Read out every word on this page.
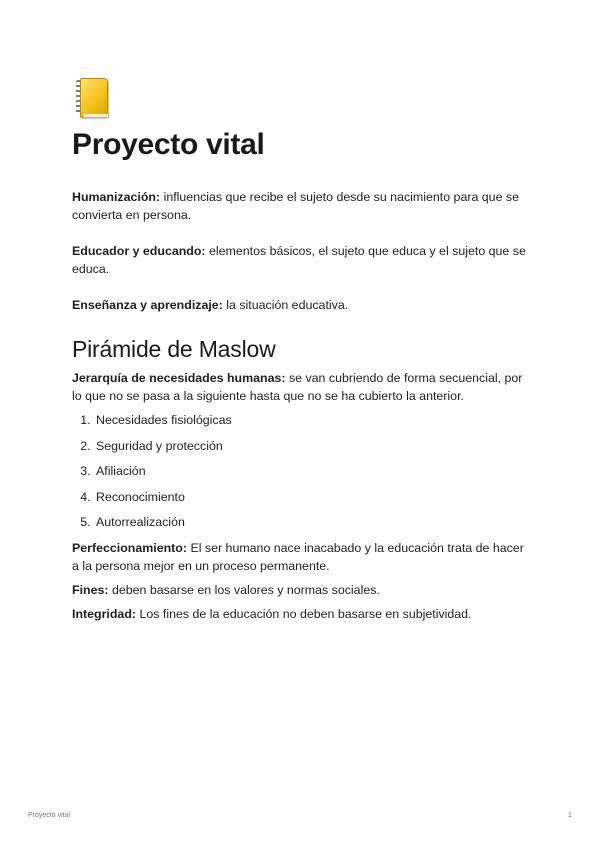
Proyecto vital

Humanización: influencias que recibe el sujeto desde su nacimiento para que se convierta en persona.

Educador y educando: elementos básicos, el sujeto que educa y el sujeto que se educa.

Enseñanza y aprendizaje: la situación educativa.

Pirámide de Maslow

Jerarquía de necesidades humanas: se van cubriendo de forma secuencial, por lo que no se pasa a la siguiente hasta que no se ha cubierto la anterior.

1. Necesidades fisiológicas
2. Seguridad y protección
3. Afiliación
4. Reconocimiento
5. Autorrealización

Perfeccionamiento: El ser humano nace inacabado y la educación trata de hacer a la persona mejor en un proceso permanente.

Fines: deben basarse en los valores y normas sociales.

Integridad: Los fines de la educación no deben basarse en subjetividad.

Proyecto vital	1
